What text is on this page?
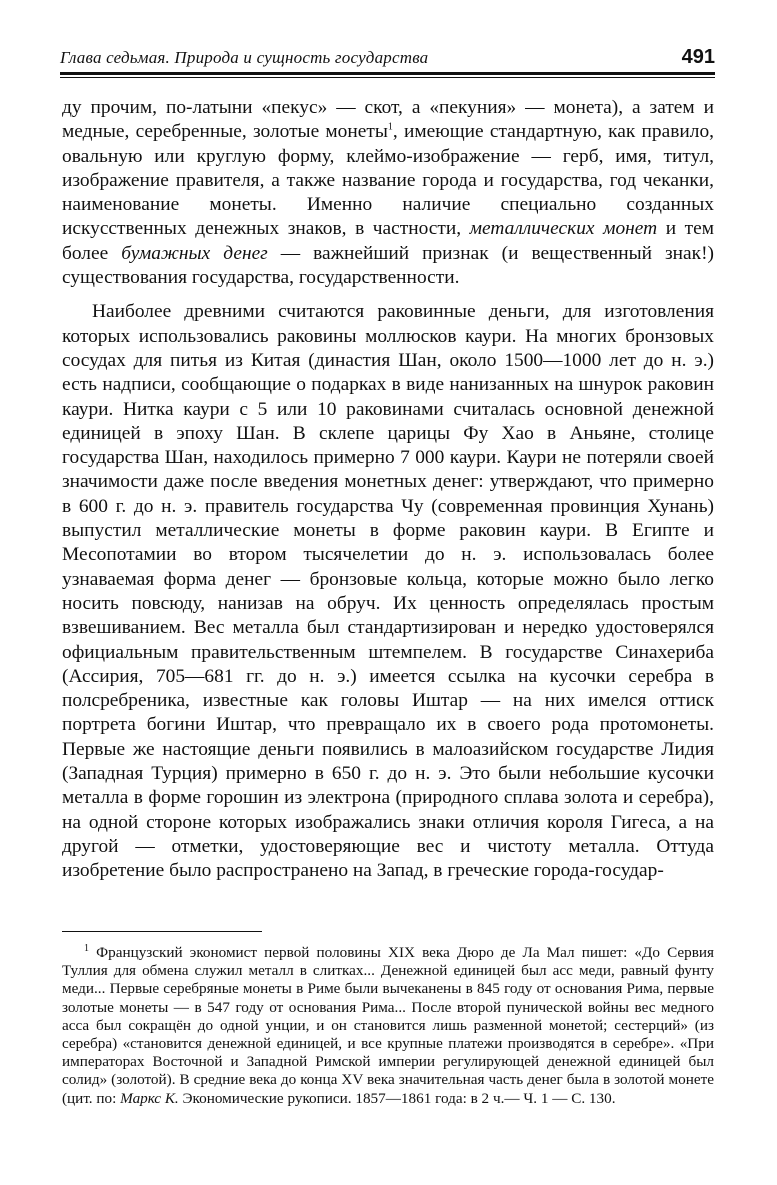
Глава седьмая. Природа и сущность государства	491

ду прочим, по-латыни «пекус» — скот, а «пекуния» — монета), а затем и медные, серебренные, золотые монеты$^1$, имеющие стандартную, как правило, овальную или круглую форму, клеймо-изображение — герб, имя, титул, изображение правителя, а также название города и государства, год чеканки, наименование монеты. Именно наличие специально созданных искусственных денежных знаков, в частности, металлических монет и тем более бумажных денег — важнейший признак (и вещественный знак!) существования государства, государственности.

Наиболее древними считаются раковинные деньги, для изготовления которых использовались раковины моллюсков каури. На многих бронзовых сосудах для питья из Китая (династия Шан, около 1500—1000 лет до н. э.) есть надписи, сообщающие о подарках в виде нанизанных на шнурок раковин каури. Нитка каури с 5 или 10 раковинами считалась основной денежной единицей в эпоху Шан. В склепе царицы Фу Хао в Аньяне, столице государства Шан, находилось примерно 7 000 каури. Каури не потеряли своей значимости даже после введения монетных денег: утверждают, что примерно в 600 г. до н. э. правитель государства Чу (современная провинция Хунань) выпустил металлические монеты в форме раковин каури. В Египте и Месопотамии во втором тысячелетии до н. э. использовалась более узнаваемая форма денег — бронзовые кольца, которые можно было легко носить повсюду, нанизав на обруч. Их ценность определялась простым взвешиванием. Вес металла был стандартизирован и нередко удостоверялся официальным правительственным штемпелем. В государстве Синахериба (Ассирия, 705—681 гг. до н. э.) имеется ссылка на кусочки серебра в полсребреника, известные как головы Иштар — на них имелся оттиск портрета богини Иштар, что превращало их в своего рода протомонеты. Первые же настоящие деньги появились в малоазийском государстве Лидия (Западная Турция) примерно в 650 г. до н. э. Это были небольшие кусочки металла в форме горошин из электрона (природного сплава золота и серебра), на одной стороне которых изображались знаки отличия короля Гигеса, а на другой — отметки, удостоверяющие вес и чистоту металла. Оттуда изобретение было распространено на Запад, в греческие города-государ-

$^1$ Французский экономист первой половины XIX века Дюро де Ла Мал пишет: «До Сервия Туллия для обмена служил металл в слитках... Денежной единицей был асс меди, равный фунту меди... Первые серебряные монеты в Риме были вычеканены в 845 году от основания Рима, первые золотые монеты — в 547 году от основания Рима... После второй пунической войны вес медного асса был сокращён до одной унции, и он становится лишь разменной монетой; сестерций» (из серебра) «становится денежной единицей, и все крупные платежи производятся в серебре». «При императорах Восточной и Западной Римской империи регулирующей денежной единицей был солид» (золотой). В средние века до конца XV века значительная часть денег была в золотой монете (цит. по: Маркс К. Экономические рукописи. 1857—1861 года: в 2 ч.— Ч. 1 — С. 130.
